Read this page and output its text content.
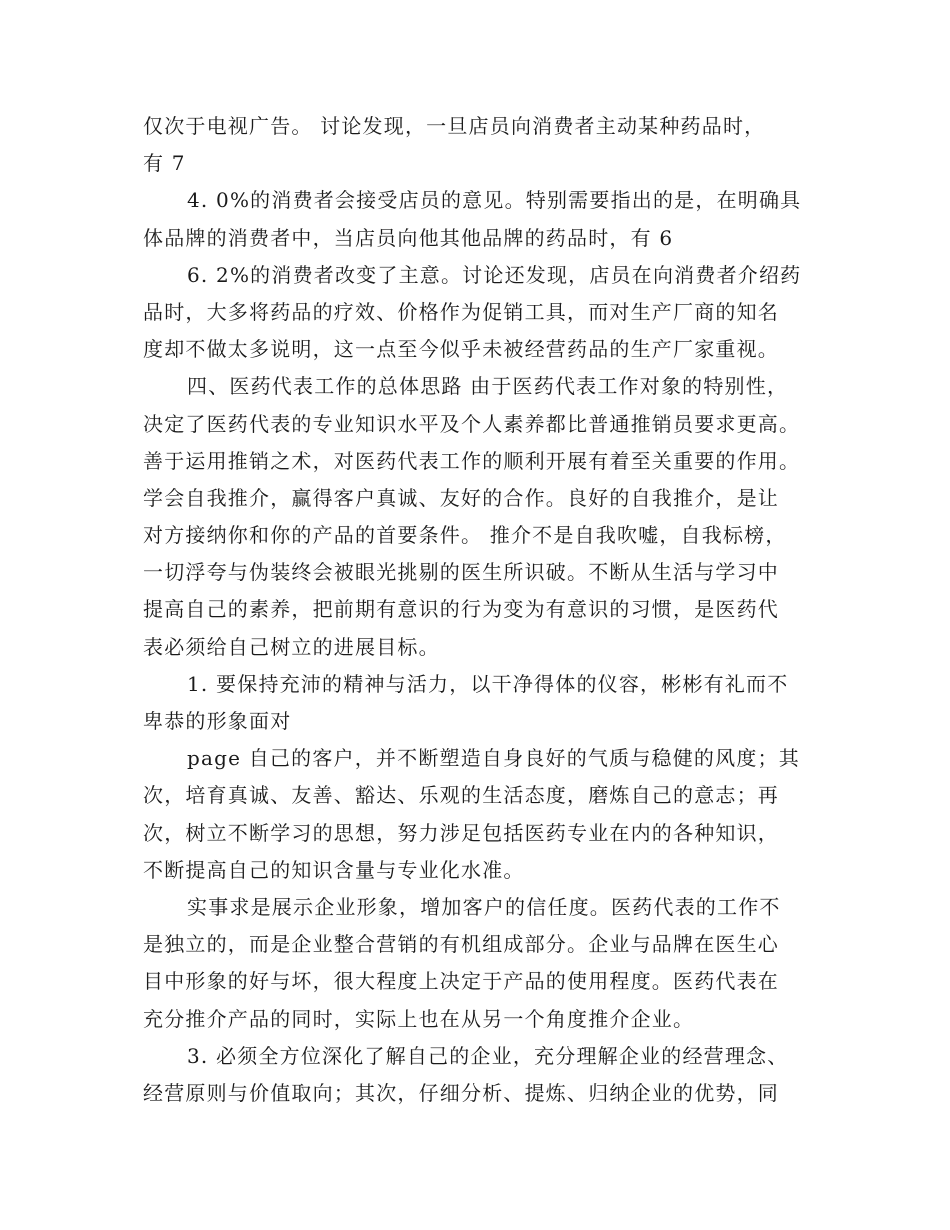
仅次于电视广告。 讨论发现，一旦店员向消费者主动某种药品时，
有 7
4. 0%的消费者会接受店员的意见。特别需要指出的是，在明确具
体品牌的消费者中，当店员向他其他品牌的药品时，有 6
6. 2%的消费者改变了主意。讨论还发现，店员在向消费者介绍药
品时，大多将药品的疗效、价格作为促销工具，而对生产厂商的知名
度却不做太多说明，这一点至今似乎未被经营药品的生产厂家重视。
四、医药代表工作的总体思路 由于医药代表工作对象的特别性，
决定了医药代表的专业知识水平及个人素养都比普通推销员要求更高。
善于运用推销之术，对医药代表工作的顺利开展有着至关重要的作用。
学会自我推介，赢得客户真诚、友好的合作。良好的自我推介，是让
对方接纳你和你的产品的首要条件。 推介不是自我吹嘘，自我标榜，
一切浮夸与伪装终会被眼光挑剔的医生所识破。不断从生活与学习中
提高自己的素养，把前期有意识的行为变为有意识的习惯，是医药代
表必须给自己树立的进展目标。
1. 要保持充沛的精神与活力，以干净得体的仪容，彬彬有礼而不
卑恭的形象面对
page 自己的客户，并不断塑造自身良好的气质与稳健的风度；其
次，培育真诚、友善、豁达、乐观的生活态度，磨炼自己的意志；再
次，树立不断学习的思想，努力涉足包括医药专业在内的各种知识，
不断提高自己的知识含量与专业化水准。
实事求是展示企业形象，增加客户的信任度。医药代表的工作不
是独立的，而是企业整合营销的有机组成部分。企业与品牌在医生心
目中形象的好与坏，很大程度上决定于产品的使用程度。医药代表在
充分推介产品的同时，实际上也在从另一个角度推介企业。
3. 必须全方位深化了解自己的企业，充分理解企业的经营理念、
经营原则与价值取向；其次，仔细分析、提炼、归纳企业的优势，同
